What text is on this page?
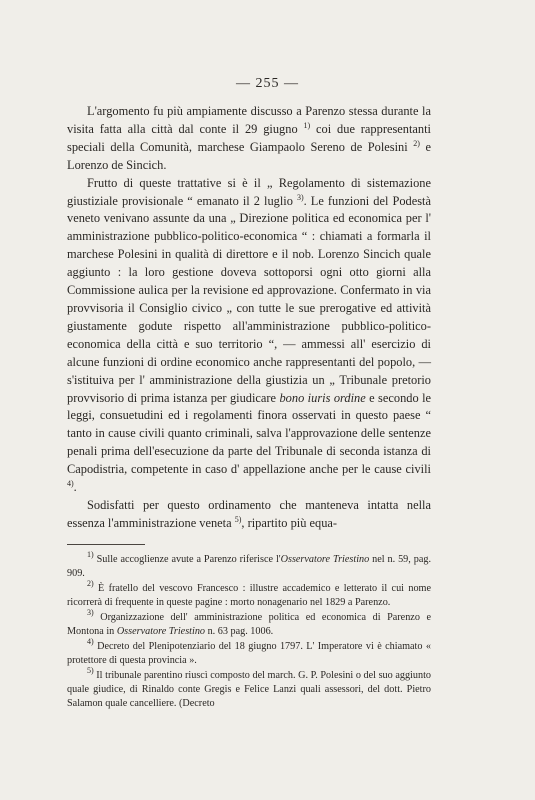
— 255 —

L'argomento fu più ampiamente discusso a Parenzo stessa durante la visita fatta alla città dal conte il 29 giugno $^{1)}$ coi due rappresentanti speciali della Comunità, marchese Giampaolo Sereno de Polesini $^{2)}$ e Lorenzo de Sincich.

Frutto di queste trattative si è il „ Regolamento di sistemazione giustiziale provisionale “ emanato il 2 luglio $^{3)}$. Le funzioni del Podestà veneto venivano assunte da una „ Direzione politica ed economica per l' amministrazione pubblico-politico-economica “ : chiamati a formarla il marchese Polesini in qualità di direttore e il nob. Lorenzo Sincich quale aggiunto : la loro gestione doveva sottoporsi ogni otto giorni alla Commissione aulica per la revisione ed approvazione. Confermato in via provvisoria il Consiglio civico „ con tutte le sue prerogative ed attività giustamente godute rispetto all'amministrazione pubblico-politico-economica della città e suo territorio “, — ammessi all' esercizio di alcune funzioni di ordine economico anche rappresentanti del popolo, — s'istituiva per l' amministrazione della giustizia un „ Tribunale pretorio provvisorio di prima istanza per giudicare bono iuris ordine e secondo le leggi, consuetudini ed i regolamenti finora osservati in questo paese “ tanto in cause civili quanto criminali, salva l'approvazione delle sentenze penali prima dell'esecuzione da parte del Tribunale di seconda istanza di Capodistria, competente in caso d' appellazione anche per le cause civili $^{4)}$.

Sodisfatti per questo ordinamento che manteneva intatta nella essenza l'amministrazione veneta $^{5)}$, ripartito più equa-

$^{1)}$ Sulle accoglienze avute a Parenzo riferisce l'Osservatore Triestino nel n. 59, pag. 909.

$^{2)}$ È fratello del vescovo Francesco : illustre accademico e letterato il cui nome ricorrerà di frequente in queste pagine : morto nonagenario nel 1829 a Parenzo.

$^{3)}$ Organizzazione dell' amministrazione politica ed economica di Parenzo e Montona in Osservatore Triestino n. 63 pag. 1006.

$^{4)}$ Decreto del Plenipotenziario del 18 giugno 1797. L' Imperatore vi è chiamato « protettore di questa provincia ».

$^{5)}$ Il tribunale parentino riuscì composto del march. G. P. Polesini o del suo aggiunto quale giudice, di Rinaldo conte Gregis e Felice Lanzi quali assessori, del dott. Pietro Salamon quale cancelliere. (Decreto
